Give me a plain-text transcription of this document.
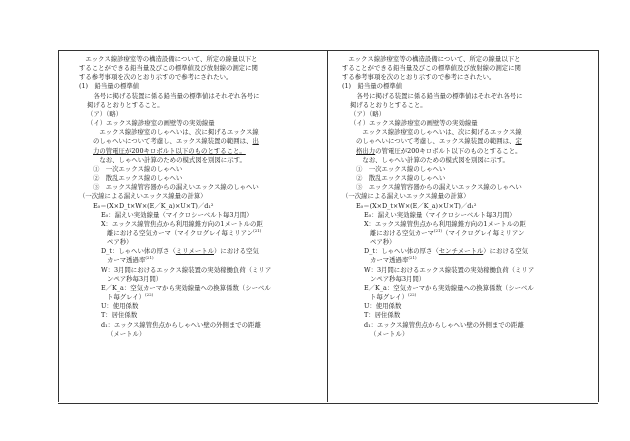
　エックス線診療室等の構造設備について、所定の線量以下と

することができる鉛当量及びこの標準値及び放射線の測定に関

する参考事項を次のとおり示すので参考にされたい。

(1)　鉛当量の標準値

　各号に掲げる装置に係る鉛当量の標準値はそれぞれ各号に

掲げるとおりとすること。

（ア）（略）

（イ）エックス線診療室の画壁等の実効線量

　エックス線診療室のしゃへいは、次に掲げるエックス線

のしゃへいについて考慮し、エックス線装置の範囲は、出

力の管電圧が200キロボルト以下のものとすること。

　なお、しゃへい計算のための模式図を別図に示す。

①　一次エックス線のしゃへい

②　散乱エックス線のしゃへい

③　エックス線管容器からの漏えいエックス線のしゃへい

（一次線による漏えいエックス線量の計算）

E₀＝(X×D_t×W×(E／K_a)×U×T)／d₁²

E₀：漏えい実効線量（マイクロシーベルト毎3月間）

X：エックス線管焦点から利用線錐方向の1メートルの距

離における空気カーマ（マイクログレイ毎ミリアン$^{(21)}$

ペア秒）

D_t：しゃへい体の厚さ（ミリメートル）における空気

カーマ透過率$^{(21)}$

W：3月間におけるエックス線装置の実効稼働負荷（ミリア

ンペア秒毎3月間）

E／K_a：空気カーマから実効線量への換算係数（シーベル

ト毎グレイ）$^{(22)}$

U：使用係数

T：居住係数

d₁：エックス線管焦点からしゃへい壁の外側までの距離

（メートル）

　エックス線診療室等の構造設備について、所定の線量以下と

することができる鉛当量及びこの標準値及び放射線の測定に関

する参考事項を次のとおり示すので参考にされたい。

(1)　鉛当量の標準値

　各号に掲げる装置に係る鉛当量の標準値はそれぞれ各号に

掲げるとおりとすること。

（ア）（略）

（イ）エックス線診療室の画壁等の実効線量

　エックス線診療室のしゃへいは、次に掲げるエックス線

のしゃへいについて考慮し、エックス線装置の範囲は、定

格出力の管電圧が200キロボルト以下のものとすること。

　なお、しゃへい計算のための模式図を別図に示す。

①　一次エックス線のしゃへい

②　散乱エックス線のしゃへい

③　エックス線管容器からの漏えいエックス線のしゃへい

（一次線による漏えいエックス線量の計算）

E₀＝(X×D_t×W×(E／K_a)×U×T)／d₁²

E₀：漏えい実効線量（マイクロシーベルト毎3月間）

X：エックス線管焦点から利用線錐方向の1メートルの距

離における空気カーマ$^{(21)}$（マイクログレイ毎ミリアン

ペア秒）

D_t：しゃへい体の厚さ（センチメートル）における空気

カーマ透過率$^{(21)}$

W：3月間におけるエックス線装置の実効稼働負荷（ミリア

ンペア秒毎3月間）

E／K_a：空気カーマから実効線量への換算係数（シーベル

ト毎グレイ）$^{(22)}$

U：使用係数

T：居住係数

d₁：エックス線管焦点からしゃへい壁の外側までの距離

（メートル）
